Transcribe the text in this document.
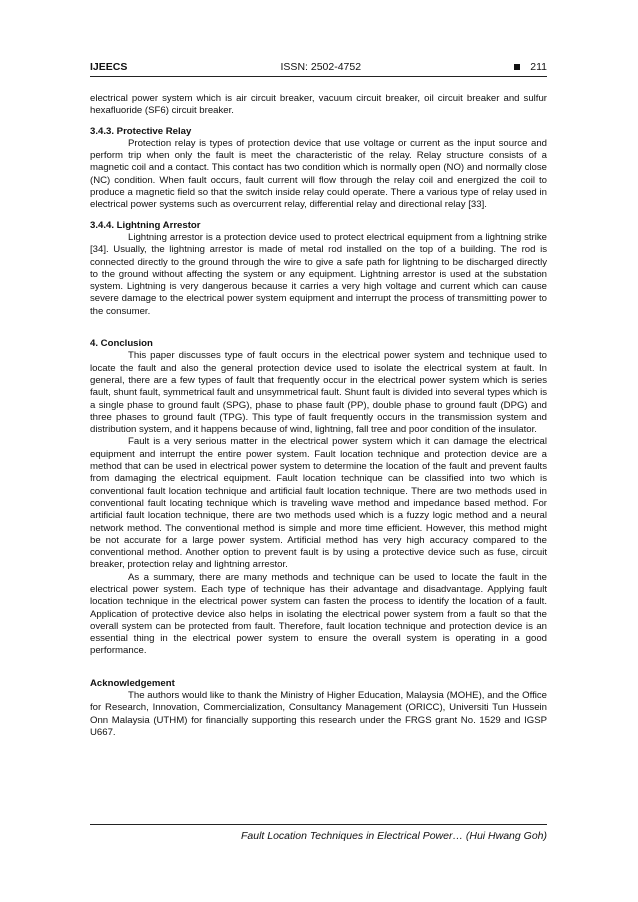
IJEECS	ISSN: 2502-4752	211

electrical power system which is air circuit breaker, vacuum circuit breaker, oil circuit breaker and sulfur hexafluoride (SF6) circuit breaker.

3.4.3. Protective Relay

Protection relay is types of protection device that use voltage or current as the input source and perform trip when only the fault is meet the characteristic of the relay. Relay structure consists of a magnetic coil and a contact. This contact has two condition which is normally open (NO) and normally close (NC) condition. When fault occurs, fault current will flow through the relay coil and energized the coil to produce a magnetic field so that the switch inside relay could operate. There a various type of relay used in electrical power systems such as overcurrent relay, differential relay and directional relay [33].

3.4.4. Lightning Arrestor

Lightning arrestor is a protection device used to protect electrical equipment from a lightning strike [34]. Usually, the lightning arrestor is made of metal rod installed on the top of a building. The rod is connected directly to the ground through the wire to give a safe path for lightning to be discharged directly to the ground without affecting the system or any equipment. Lightning arrestor is used at the substation system. Lightning is very dangerous because it carries a very high voltage and current which can cause severe damage to the electrical power system equipment and interrupt the process of transmitting power to the consumer.

4. Conclusion

This paper discusses type of fault occurs in the electrical power system and technique used to locate the fault and also the general protection device used to isolate the electrical system at fault. In general, there are a few types of fault that frequently occur in the electrical power system which is series fault, shunt fault, symmetrical fault and unsymmetrical fault. Shunt fault is divided into several types which is a single phase to ground fault (SPG), phase to phase fault (PP), double phase to ground fault (DPG) and three phases to ground fault (TPG). This type of fault frequently occurs in the transmission system and distribution system, and it happens because of wind, lightning, fall tree and poor condition of the insulator.

Fault is a very serious matter in the electrical power system which it can damage the electrical equipment and interrupt the entire power system. Fault location technique and protection device are a method that can be used in electrical power system to determine the location of the fault and prevent faults from damaging the electrical equipment. Fault location technique can be classified into two which is conventional fault location technique and artificial fault location technique. There are two methods used in conventional fault locating technique which is traveling wave method and impedance based method. For artificial fault location technique, there are two methods used which is a fuzzy logic method and a neural network method. The conventional method is simple and more time efficient. However, this method might be not accurate for a large power system. Artificial method has very high accuracy compared to the conventional method. Another option to prevent fault is by using a protective device such as fuse, circuit breaker, protection relay and lightning arrestor.

As a summary, there are many methods and technique can be used to locate the fault in the electrical power system. Each type of technique has their advantage and disadvantage. Applying fault location technique in the electrical power system can fasten the process to identify the location of a fault. Application of protective device also helps in isolating the electrical power system from a fault so that the overall system can be protected from fault. Therefore, fault location technique and protection device is an essential thing in the electrical power system to ensure the overall system is operating in a good performance.

Acknowledgement

The authors would like to thank the Ministry of Higher Education, Malaysia (MOHE), and the Office for Research, Innovation, Commercialization, Consultancy Management (ORICC), Universiti Tun Hussein Onn Malaysia (UTHM) for financially supporting this research under the FRGS grant No. 1529 and IGSP U667.

Fault Location Techniques in Electrical Power… (Hui Hwang Goh)
